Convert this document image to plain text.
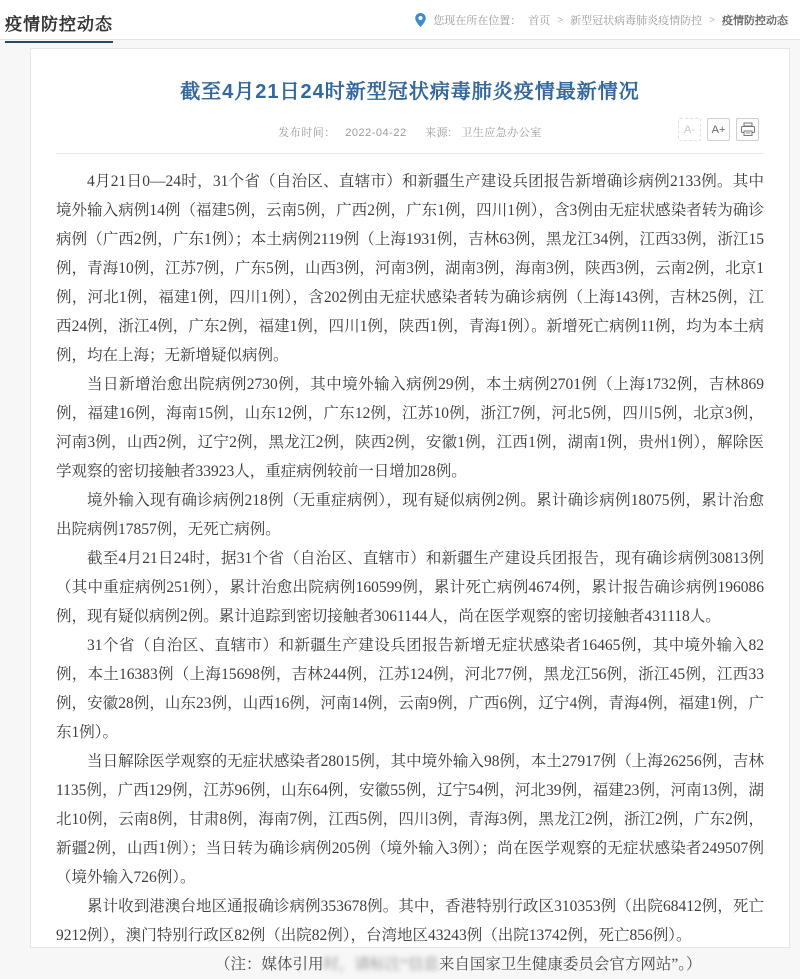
疫情防控动态	您现在所在位置： 首页 > 新型冠状病毒肺炎疫情防控 > 疫情防控动态
截至4月21日24时新型冠状病毒肺炎疫情最新情况
发布时间： 2022-04-22 来源: 卫生应急办公室	A-	A+

4月21日0—24时，31个省（自治区、直辖市）和新疆生产建设兵团报告新增确诊病例2133例。其中境外输入病例14例（福建5例，云南5例，广西2例，广东1例，四川1例），含3例由无症状感染者转为确诊病例（广西2例，广东1例）；本土病例2119例（上海1931例，吉林63例，黑龙江34例，江西33例，浙江15例，青海10例，江苏7例，广东5例，山西3例，河南3例，湖南3例，海南3例，陕西3例，云南2例，北京1例，河北1例，福建1例，四川1例），含202例由无症状感染者转为确诊病例（上海143例，吉林25例，江西24例，浙江4例，广东2例，福建1例，四川1例，陕西1例，青海1例）。新增死亡病例11例，均为本土病例，均在上海；无新增疑似病例。

当日新增治愈出院病例2730例，其中境外输入病例29例，本土病例2701例（上海1732例，吉林869例，福建16例，海南15例，山东12例，广东12例，江苏10例，浙江7例，河北5例，四川5例，北京3例，河南3例，山西2例，辽宁2例，黑龙江2例，陕西2例，安徽1例，江西1例，湖南1例，贵州1例），解除医学观察的密切接触者33923人，重症病例较前一日增加28例。

境外输入现有确诊病例218例（无重症病例），现有疑似病例2例。累计确诊病例18075例，累计治愈出院病例17857例，无死亡病例。

截至4月21日24时，据31个省（自治区、直辖市）和新疆生产建设兵团报告，现有确诊病例30813例（其中重症病例251例），累计治愈出院病例160599例，累计死亡病例4674例，累计报告确诊病例196086例，现有疑似病例2例。累计追踪到密切接触者3061144人，尚在医学观察的密切接触者431118人。

31个省（自治区、直辖市）和新疆生产建设兵团报告新增无症状感染者16465例，其中境外输入82例，本土16383例（上海15698例，吉林244例，江苏124例，河北77例，黑龙江56例，浙江45例，江西33例，安徽28例，山东23例，山西16例，河南14例，云南9例，广西6例，辽宁4例，青海4例，福建1例，广东1例）。

当日解除医学观察的无症状感染者28015例，其中境外输入98例，本土27917例（上海26256例，吉林1135例，广西129例，江苏96例，山东64例，安徽55例，辽宁54例，河北39例，福建23例，河南13例，湖北10例，云南8例，甘肃8例，海南7例，江西5例，四川3例，青海3例，黑龙江2例，浙江2例，广东2例，新疆2例，山西1例）；当日转为确诊病例205例（境外输入3例）；尚在医学观察的无症状感染者249507例（境外输入726例）。

累计收到港澳台地区通报确诊病例353678例。其中，香港特别行政区310353例（出院68412例，死亡9212例），澳门特别行政区82例（出院82例），台湾地区43243例（出院13742例，死亡856例）。

（注：媒体引用时，请标注“信息来自国家卫生健康委员会官方网站”。）
